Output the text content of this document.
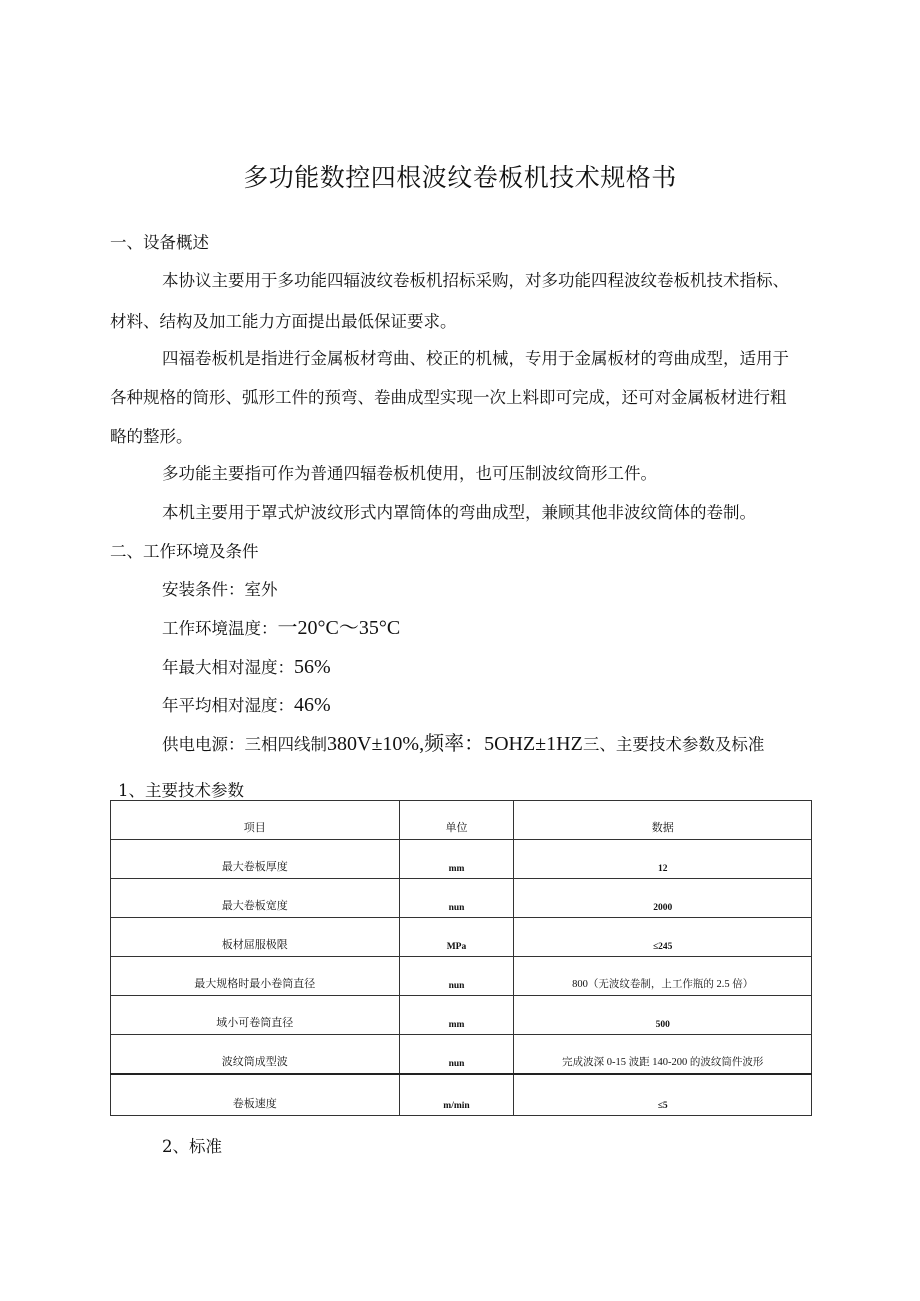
多功能数控四根波纹卷板机技术规格书
一、设备概述
本协议主要用于多功能四辐波纹卷板机招标采购，对多功能四程波纹卷板机技术指标、
材料、结构及加工能力方面提出最低保证要求。
四福卷板机是指进行金属板材弯曲、校正的机械，专用于金属板材的弯曲成型，适用于
各种规格的筒形、弧形工件的预弯、卷曲成型实现一次上料即可完成，还可对金属板材进行粗
略的整形。
多功能主要指可作为普通四辐卷板机使用，也可压制波纹筒形工件。
本机主要用于罩式炉波纹形式内罩筒体的弯曲成型，兼顾其他非波纹筒体的卷制。
二、工作环境及条件
安装条件：室外
工作环境温度：一20°C～35°C
年最大相对湿度：56%
年平均相对湿度：46%
供电电源：三相四线制380V±10%,频率：5OHZ±1HZ三、主要技术参数及标准
1、主要技术参数
项目	单位	数据
最大卷板厚度	mm	12
最大卷板宽度	nun	2000
板材屈服极限	MPa	≤245
最大规格时最小卷筒直径	nun	800（无波纹卷制，上工作瓶的 2.5 倍）
域小可卷筒直径	mm	500
波纹筒成型波	nun	完成波深 0-15 波距 140-200 的波纹筒件波形
卷板速度	m/min	≤5
2、标准
